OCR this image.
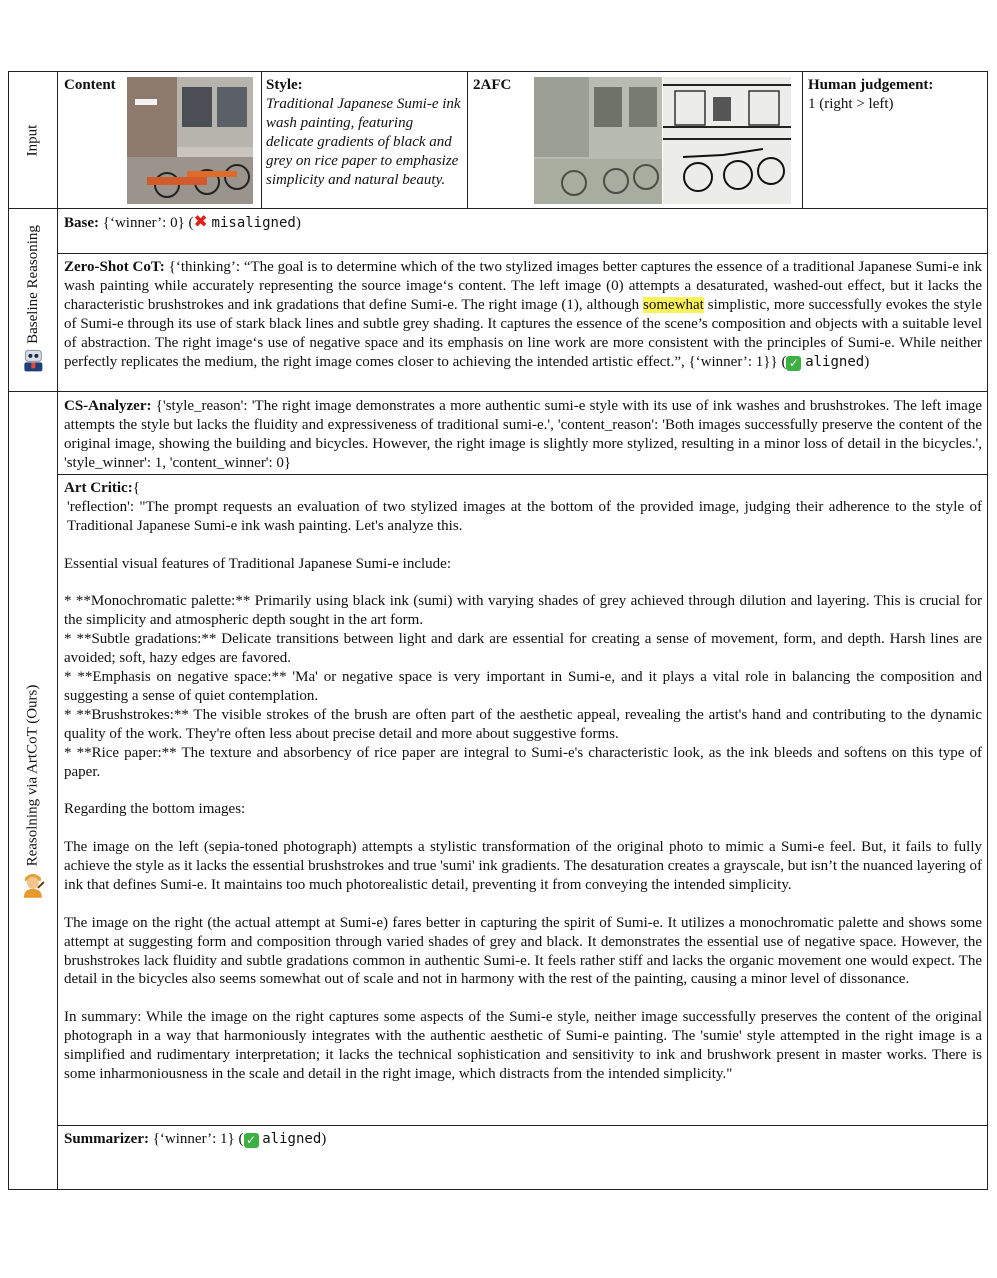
Input
Baseline Reasoning
Reasolning via ArtCoT (Ours)
Content	Style:

Traditional Japanese Sumi-e ink wash painting, featuring delicate gradients of black and grey on rice paper to emphasize simplicity and natural beauty.

2AFC	Human judgement:

1 (right > left)

Base: {‘winner’: 0} (✖ misaligned)
Zero-Shot CoT: {‘thinking’: “The goal is to determine which of the two stylized images better captures the essence of a traditional Japanese Sumi-e ink wash painting while accurately representing the source image‘s content. The left image (0) attempts a desaturated, washed-out effect, but it lacks the characteristic brushstrokes and ink gradations that define Sumi-e. The right image (1), although somewhat simplistic, more successfully evokes the style of Sumi-e through its use of stark black lines and subtle grey shading. It captures the essence of the scene’s composition and objects with a suitable level of abstraction. The right image‘s use of negative space and its emphasis on line work are more consistent with the principles of Sumi-e. While neither perfectly replicates the medium, the right image comes closer to achieving the intended artistic effect.”, {‘winner’: 1}} ( ✓ aligned)
CS-Analyzer: {'style_reason': 'The right image demonstrates a more authentic sumi-e style with its use of ink washes and brushstrokes. The left image attempts the style but lacks the fluidity and expressiveness of traditional sumi-e.', 'content_reason': 'Both images successfully preserve the content of the original image, showing the building and bicycles. However, the right image is slightly more stylized, resulting in a minor loss of detail in the bicycles.', 'style_winner': 1, 'content_winner': 0}

Art Critic:{

'reflection': "The prompt requests an evaluation of two stylized images at the bottom of the provided image, judging their adherence to the style of Traditional Japanese Sumi-e ink wash painting. Let's analyze this.

Essential visual features of Traditional Japanese Sumi-e include:

* **Monochromatic palette:** Primarily using black ink (sumi) with varying shades of grey achieved through dilution and layering. This is crucial for the simplicity and atmospheric depth sought in the art form.

* **Subtle gradations:** Delicate transitions between light and dark are essential for creating a sense of movement, form, and depth. Harsh lines are avoided; soft, hazy edges are favored.

* **Emphasis on negative space:** 'Ma' or negative space is very important in Sumi-e, and it plays a vital role in balancing the composition and suggesting a sense of quiet contemplation.

* **Brushstrokes:** The visible strokes of the brush are often part of the aesthetic appeal, revealing the artist's hand and contributing to the dynamic quality of the work. They're often less about precise detail and more about suggestive forms.

* **Rice paper:** The texture and absorbency of rice paper are integral to Sumi-e's characteristic look, as the ink bleeds and softens on this type of paper.

Regarding the bottom images:

The image on the left (sepia-toned photograph) attempts a stylistic transformation of the original photo to mimic a Sumi-e feel. But, it fails to fully achieve the style as it lacks the essential brushstrokes and true 'sumi' ink gradients. The desaturation creates a grayscale, but isn’t the nuanced layering of ink that defines Sumi-e. It maintains too much photorealistic detail, preventing it from conveying the intended simplicity.

The image on the right (the actual attempt at Sumi-e) fares better in capturing the spirit of Sumi-e. It utilizes a monochromatic palette and shows some attempt at suggesting form and composition through varied shades of grey and black. It demonstrates the essential use of negative space. However, the brushstrokes lack fluidity and subtle gradations common in authentic Sumi-e. It feels rather stiff and lacks the organic movement one would expect. The detail in the bicycles also seems somewhat out of scale and not in harmony with the rest of the painting, causing a minor level of dissonance.

In summary: While the image on the right captures some aspects of the Sumi-e style, neither image successfully preserves the content of the original photograph in a way that harmoniously integrates with the authentic aesthetic of Sumi-e painting. The 'sumie' style attempted in the right image is a simplified and rudimentary interpretation; it lacks the technical sophistication and sensitivity to ink and brushwork present in master works. There is some inharmoniousness in the scale and detail in the right image, which distracts from the intended simplicity."

Summarizer: {‘winner’: 1} ( ✓ aligned)
